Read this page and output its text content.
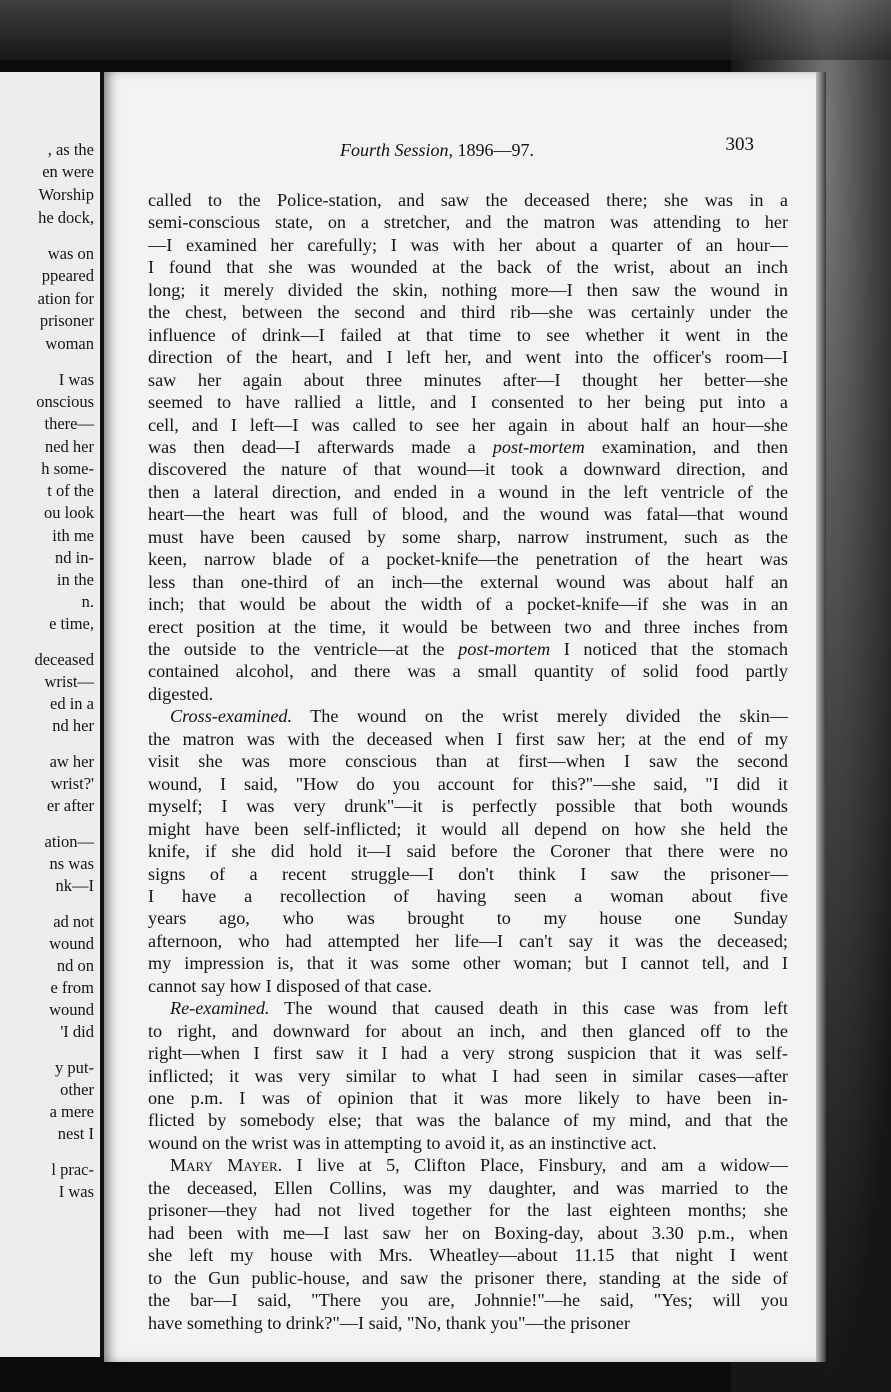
, as the
en were
Worship
he dock,
was on
ppeared
ation for
prisoner
woman
I was
onscious
there—
ned her
h some-
t of the
ou look
ith me
nd in-
in the
n.
e time,
deceased
wrist—
ed in a
nd her
aw her
wrist?'
er after
ation—
ns was
nk—I
ad not
wound
nd on
e from
wound
'I did
y put-
other
a mere
nest I
l prac-
I was
Fourth Session, 1896—97.	303
called to the Police-station, and saw the deceased there; she was in a
semi-conscious state, on a stretcher, and the matron was attending to her
—I examined her carefully; I was with her about a quarter of an hour—
I found that she was wounded at the back of the wrist, about an inch
long; it merely divided the skin, nothing more—I then saw the wound in
the chest, between the second and third rib—she was certainly under the
influence of drink—I failed at that time to see whether it went in the
direction of the heart, and I left her, and went into the officer's room—I
saw her again about three minutes after—I thought her better—she
seemed to have rallied a little, and I consented to her being put into a
cell, and I left—I was called to see her again in about half an hour—she
was then dead—I afterwards made a post-mortem examination, and then
discovered the nature of that wound—it took a downward direction, and
then a lateral direction, and ended in a wound in the left ventricle of the
heart—the heart was full of blood, and the wound was fatal—that wound
must have been caused by some sharp, narrow instrument, such as the
keen, narrow blade of a pocket-knife—the penetration of the heart was
less than one-third of an inch—the external wound was about half an
inch; that would be about the width of a pocket-knife—if she was in an
erect position at the time, it would be between two and three inches from
the outside to the ventricle—at the post-mortem I noticed that the stomach
contained alcohol, and there was a small quantity of solid food partly
digested.
Cross-examined. The wound on the wrist merely divided the skin—
the matron was with the deceased when I first saw her; at the end of my
visit she was more conscious than at first—when I saw the second
wound, I said, "How do you account for this?"—she said, "I did it
myself; I was very drunk"—it is perfectly possible that both wounds
might have been self-inflicted; it would all depend on how she held the
knife, if she did hold it—I said before the Coroner that there were no
signs of a recent struggle—I don't think I saw the prisoner—
I have a recollection of having seen a woman about five
years ago, who was brought to my house one Sunday
afternoon, who had attempted her life—I can't say it was the deceased;
my impression is, that it was some other woman; but I cannot tell, and I
cannot say how I disposed of that case.
Re-examined. The wound that caused death in this case was from left
to right, and downward for about an inch, and then glanced off to the
right—when I first saw it I had a very strong suspicion that it was self-
inflicted; it was very similar to what I had seen in similar cases—after
one p.m. I was of opinion that it was more likely to have been in-
flicted by somebody else; that was the balance of my mind, and that the
wound on the wrist was in attempting to avoid it, as an instinctive act.
Mary Mayer. I live at 5, Clifton Place, Finsbury, and am a widow—
the deceased, Ellen Collins, was my daughter, and was married to the
prisoner—they had not lived together for the last eighteen months; she
had been with me—I last saw her on Boxing-day, about 3.30 p.m., when
she left my house with Mrs. Wheatley—about 11.15 that night I went
to the Gun public-house, and saw the prisoner there, standing at the side of
the bar—I said, "There you are, Johnnie!"—he said, "Yes; will you
have something to drink?"—I said, "No, thank you"—the prisoner
